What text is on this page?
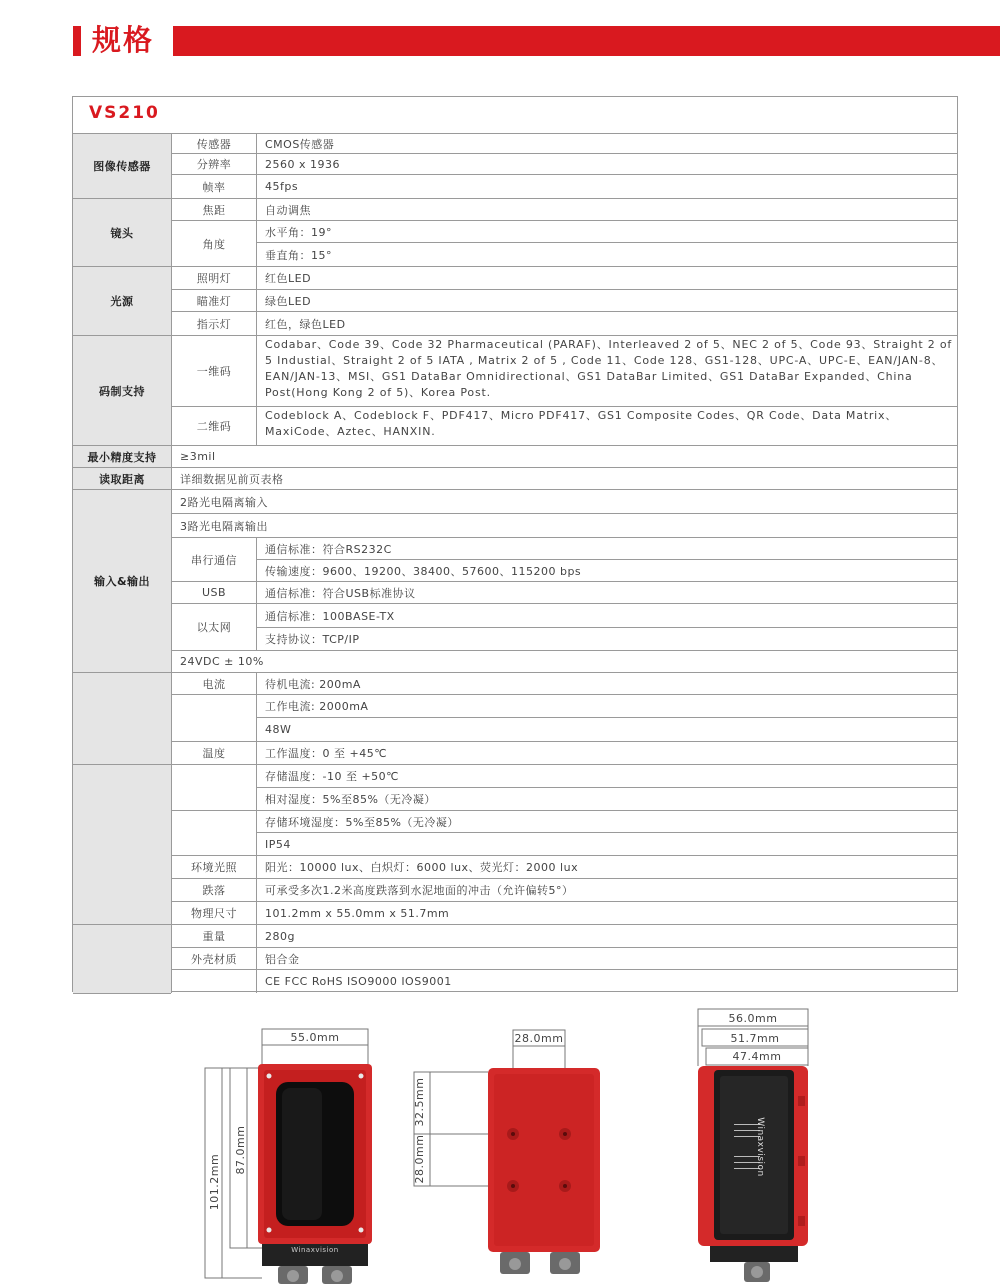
规格
VS210
图像传感器
镜头
光源
码制支持
最小精度支持
读取距离
输入&输出
传感器
分辨率
帧率
焦距
角度
照明灯
瞄准灯
指示灯
一维码
二维码
串行通信
USB
以太网
电流
温度
环境光照
跌落
物理尺寸
重量
外壳材质
CMOS传感器
2560 x 1936
45fps
自动调焦
水平角：19°
垂直角：15°
红色LED
绿色LED
红色，绿色LED
Codabar、Code 39、Code 32 Pharmaceutical (PARAF)、Interleaved 2 of 5、NEC 2 of 5、Code 93、Straight 2 of 5 Industial、Straight 2 of 5 IATA , Matrix 2 of 5 , Code 11、Code 128、GS1-128、UPC-A、UPC-E、EAN/JAN-8、EAN/JAN-13、MSI、GS1 DataBar Omnidirectional、GS1 DataBar Limited、GS1 DataBar Expanded、China Post(Hong Kong 2 of 5)、Korea Post.
Codeblock A、Codeblock F、PDF417、Micro PDF417、GS1 Composite Codes、QR Code、Data Matrix、MaxiCode、Aztec、HANXIN.
≥3mil
详细数据见前页表格
2路光电隔离输入
3路光电隔离输出
通信标准：符合RS232C
传输速度：9600、19200、38400、57600、115200 bps
通信标准：符合USB标准协议
通信标准：100BASE-TX
支持协议：TCP/IP
24VDC ± 10%
待机电流: 200mA
工作电流: 2000mA
48W
工作温度：0 至 +45℃
存储温度：-10 至 +50℃
相对湿度：5%至85%（无冷凝）
存储环境湿度：5%至85%（无冷凝）
IP54
阳光：10000 lux、白炽灯：6000 lux、荧光灯：2000 lux
可承受多次1.2米高度跌落到水泥地面的冲击（允许偏转5°）
101.2mm x 55.0mm x 51.7mm
280g
铝合金
CE FCC RoHS ISO9000 IOS9001
55.0mm
101.2mm
87.0mm
Winaxvision
28.0mm
32.5mm
28.0mm
56.0mm
51.7mm
47.4mm
Winaxvision
